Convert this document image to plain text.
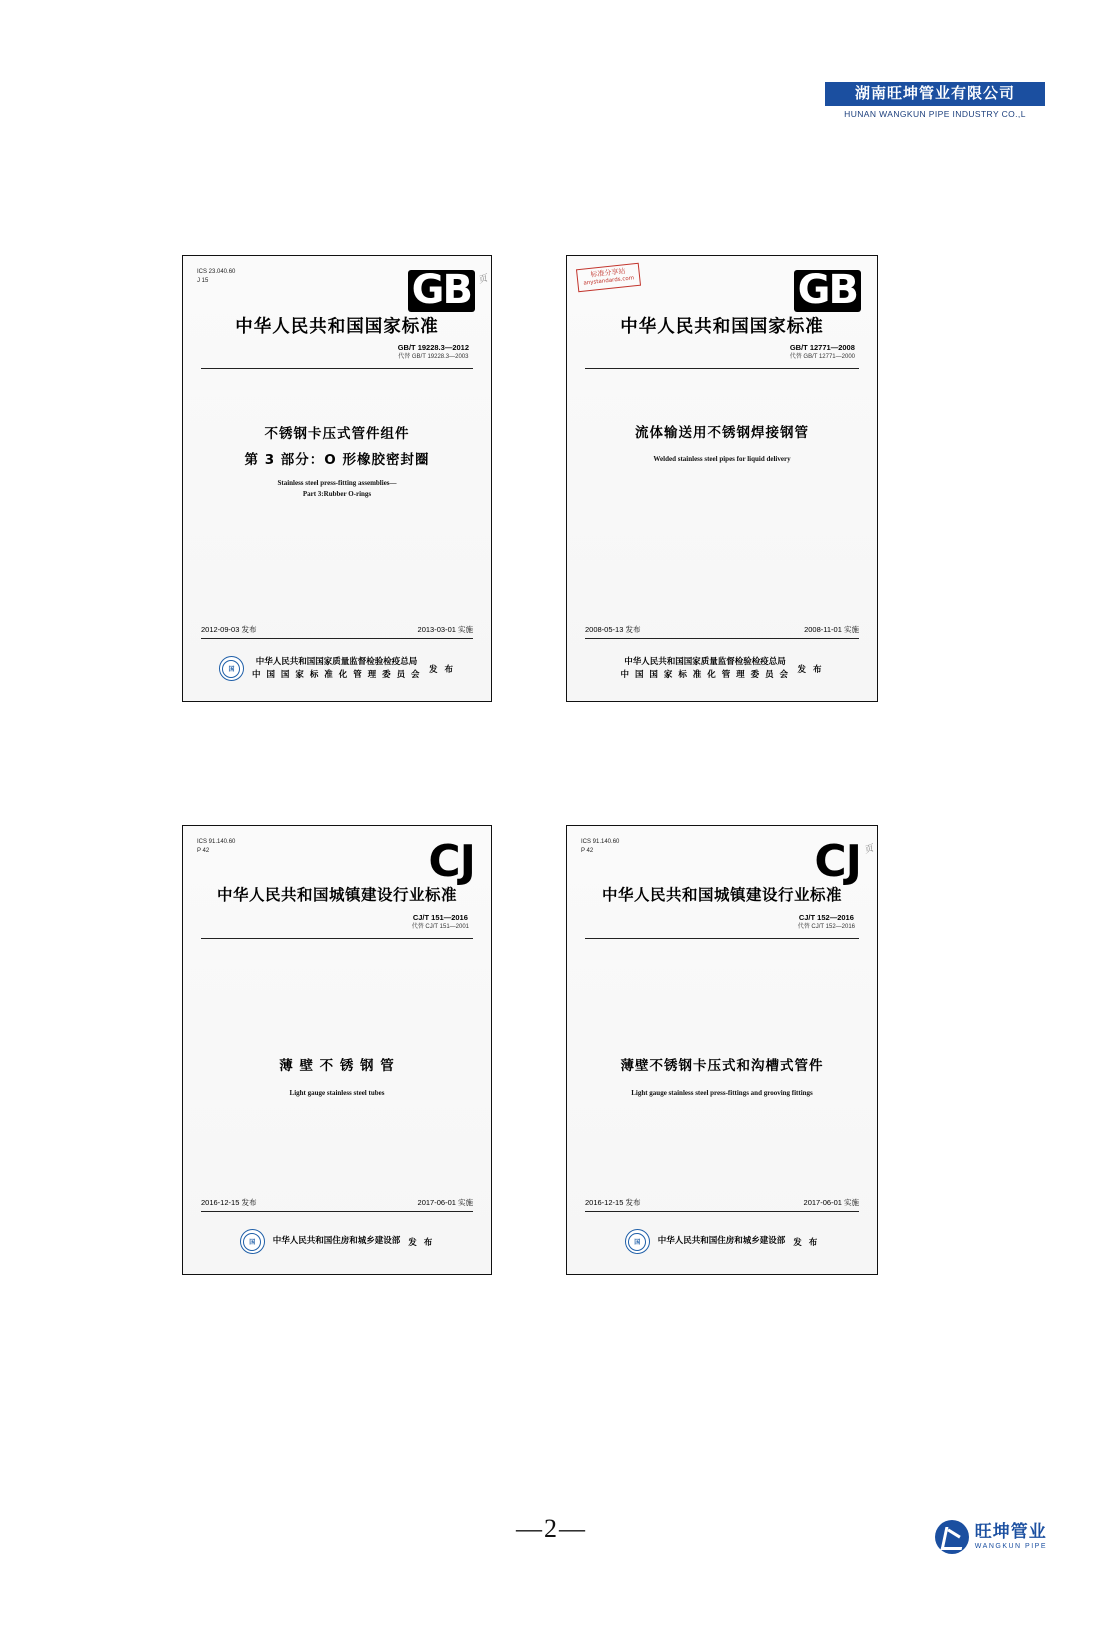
湖南旺坤管业有限公司
HUNAN WANGKUN PIPE INDUSTRY CO.,L
ICS 23.040.60
J 15	GB 页
中华人民共和国国家标准
GB/T 19228.3—2012
代替 GB/T 19228.3—2003
不锈钢卡压式管件组件
第 3 部分：O 形橡胶密封圈
Stainless steel press-fitting assemblies—
Part 3:Rubber O-rings
2012-09-03 发布	2013-03-01 实施
国
中华人民共和国国家质量监督检验检疫总局
中 国 国 家 标 准 化 管 理 委 员 会 发 布
标准分享站
anystandards.com	GB
中华人民共和国国家标准
GB/T 12771—2008
代替 GB/T 12771—2000
流体输送用不锈钢焊接钢管
Welded stainless steel pipes for liquid delivery
2008-05-13 发布	2008-11-01 实施
中华人民共和国国家质量监督检验检疫总局
中 国 国 家 标 准 化 管 理 委 员 会 发 布
ICS 91.140.60
P 42	CJ
中华人民共和国城镇建设行业标准
CJ/T 151—2016
代替 CJ/T 151—2001
薄 壁 不 锈 钢 管
Light gauge stainless steel tubes
2016-12-15 发布	2017-06-01 实施
国	中华人民共和国住房和城乡建设部 发 布
ICS 91.140.60
P 42	CJ 页
中华人民共和国城镇建设行业标准
CJ/T 152—2016
代替 CJ/T 152—2016
薄壁不锈钢卡压式和沟槽式管件
Light gauge stainless steel press-fittings and grooving fittings
2016-12-15 发布	2017-06-01 实施
国	中华人民共和国住房和城乡建设部 发 布
—2—	旺坤管业
WANGKUN PIPE
